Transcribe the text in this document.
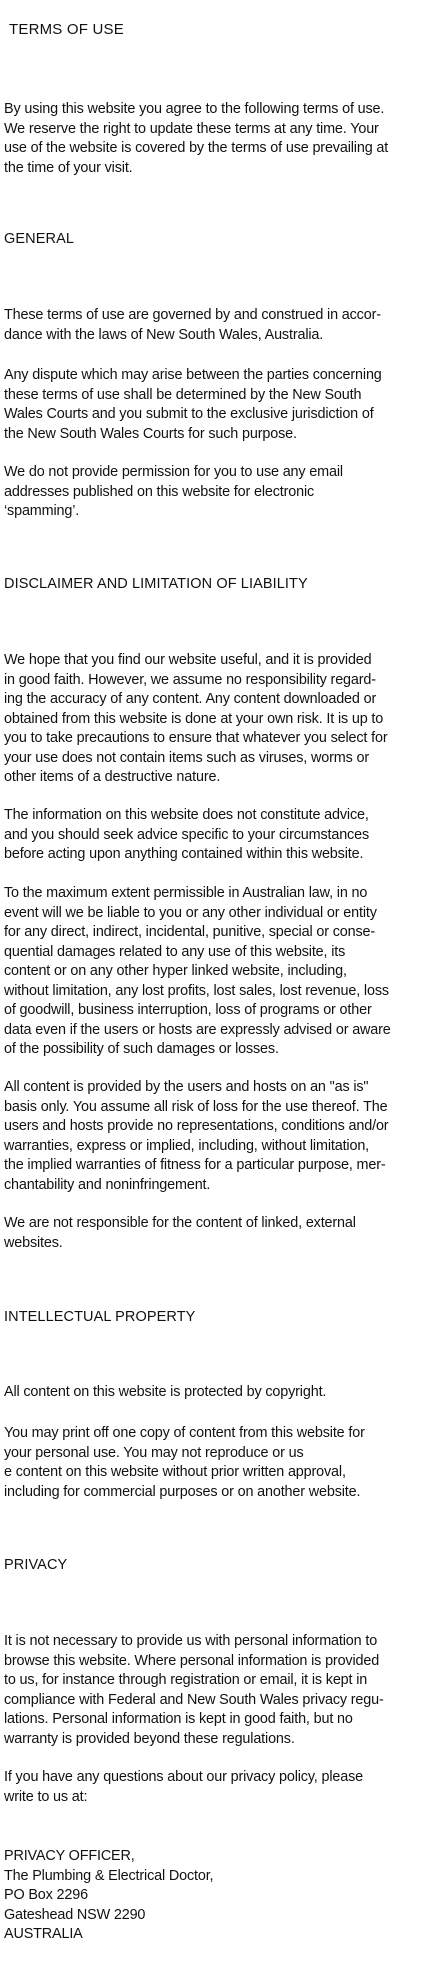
TERMS OF USE
By using this website you agree to the following terms of use.
We reserve the right to update these terms at any time. Your
use of the website is covered by the terms of use prevailing at
the time of your visit.
GENERAL
These terms of use are governed by and construed in accor-
dance with the laws of New South Wales, Australia.
Any dispute which may arise between the parties concerning
these terms of use shall be determined by the New South
Wales Courts and you submit to the exclusive jurisdiction of
the New South Wales Courts for such purpose.
We do not provide permission for you to use any email
addresses published on this website for electronic
‘spamming’.
DISCLAIMER AND LIMITATION OF LIABILITY
We hope that you find our website useful, and it is provided
in good faith. However, we assume no responsibility regard-
ing the accuracy of any content. Any content downloaded or
obtained from this website is done at your own risk. It is up to
you to take precautions to ensure that whatever you select for
your use does not contain items such as viruses, worms or
other items of a destructive nature.
The information on this website does not constitute advice,
and you should seek advice specific to your circumstances
before acting upon anything contained within this website.
To the maximum extent permissible in Australian law, in no
event will we be liable to you or any other individual or entity
for any direct, indirect, incidental, punitive, special or conse-
quential damages related to any use of this website, its
content or on any other hyper linked website, including,
without limitation, any lost profits, lost sales, lost revenue, loss
of goodwill, business interruption, loss of programs or other
data even if the users or hosts are expressly advised or aware
of the possibility of such damages or losses.
All content is provided by the users and hosts on an "as is"
basis only. You assume all risk of loss for the use thereof. The
users and hosts provide no representations, conditions and/or
warranties, express or implied, including, without limitation,
the implied warranties of fitness for a particular purpose, mer-
chantability and noninfringement.
We are not responsible for the content of linked, external
websites.
INTELLECTUAL PROPERTY
All content on this website is protected by copyright.
You may print off one copy of content from this website for
your personal use. You may not reproduce or us
e content on this website without prior written approval,
including for commercial purposes or on another website.
PRIVACY
It is not necessary to provide us with personal information to
browse this website. Where personal information is provided
to us, for instance through registration or email, it is kept in
compliance with Federal and New South Wales privacy regu-
lations. Personal information is kept in good faith, but no
warranty is provided beyond these regulations.
If you have any questions about our privacy policy, please
write to us at:
PRIVACY OFFICER,
The Plumbing & Electrical Doctor,
PO Box 2296
Gateshead NSW 2290
AUSTRALIA
